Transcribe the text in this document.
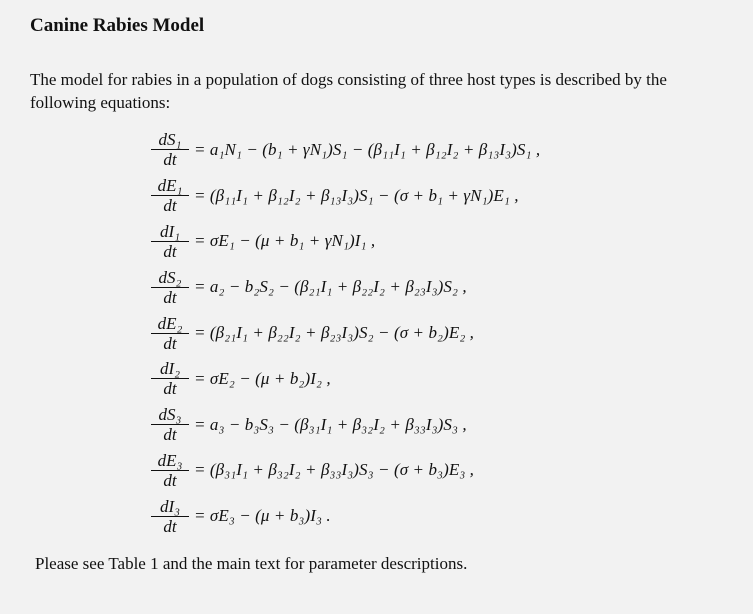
Canine Rabies Model

The model for rabies in a population of dogs consisting of three host types is described by the following equations:

$\frac{\text{dS₁}}{dt} = a_1N_1 - (b_1 + \gamma N_1)S_1 - (\beta_{11}I_1 + \beta_{12}I_2 + \beta_{13}I_3)S_1$ ,
$\frac{\text{dE₁}}{dt} = (\beta_{11}I_1 + \beta_{12}I_2 + \beta_{13}I_3)S_1 - (\sigma + b_1 + \gamma N_1)E_1$ ,
$\frac{\text{dI₁}}{dt} = \sigma E_1 - (\mu + b_1 + \gamma N_1)I_1$ ,
$\frac{\text{dS₂}}{dt} = a_2 - b_2S_2 - (\beta_{21}I_1 + \beta_{22}I_2 + \beta_{23}I_3)S_2$ ,
$\frac{\text{dE₂}}{dt} = (\beta_{21}I_1 + \beta_{22}I_2 + \beta_{23}I_3)S_2 - (\sigma + b_2)E_2$ ,
$\frac{\text{dI₂}}{dt} = \sigma E_2 - (\mu + b_2)I_2$ ,
$\frac{\text{dS₃}}{dt} = a_3 - b_3S_3 - (\beta_{31}I_1 + \beta_{32}I_2 + \beta_{33}I_3)S_3$ ,
$\frac{\text{dE₃}}{dt} = (\beta_{31}I_1 + \beta_{32}I_2 + \beta_{33}I_3)S_3 - (\sigma + b_3)E_3$ ,
$\frac{\text{dI₃}}{dt} = \sigma E_3 - (\mu + b_3)I_3$ .

Please see Table 1 and the main text for parameter descriptions.
